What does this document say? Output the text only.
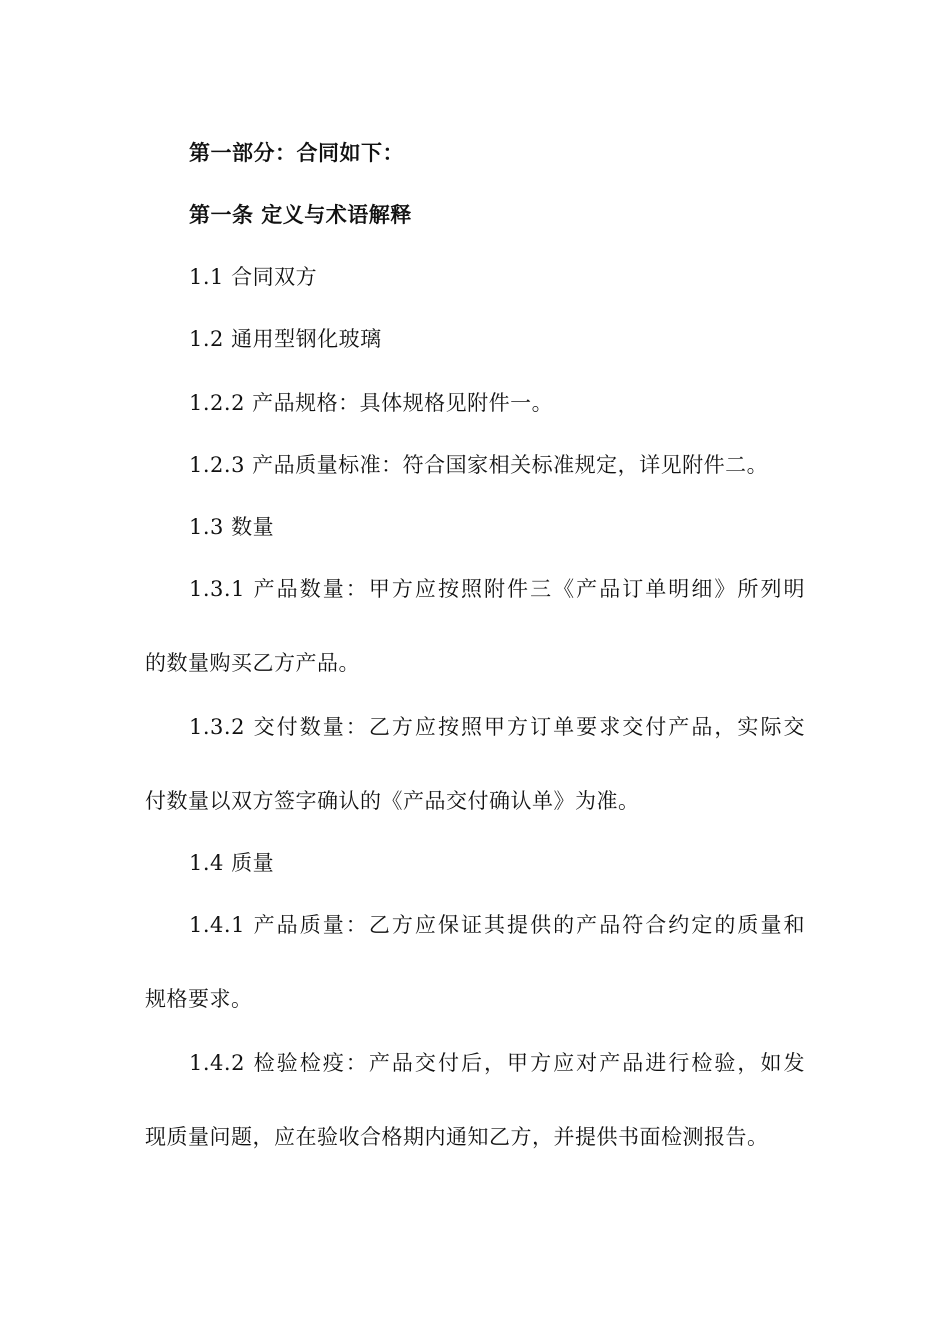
第一部分：合同如下：
第一条 定义与术语解释
1.1 合同双方
1.2 通用型钢化玻璃
1.2.2 产品规格：具体规格见附件一。
1.2.3 产品质量标准：符合国家相关标准规定，详见附件二。
1.3 数量
1.3.1 产品数量：甲方应按照附件三《产品订单明细》所列明
的数量购买乙方产品。
1.3.2 交付数量：乙方应按照甲方订单要求交付产品，实际交
付数量以双方签字确认的《产品交付确认单》为准。
1.4 质量
1.4.1 产品质量：乙方应保证其提供的产品符合约定的质量和
规格要求。
1.4.2 检验检疫：产品交付后，甲方应对产品进行检验，如发
现质量问题，应在验收合格期内通知乙方，并提供书面检测报告。
